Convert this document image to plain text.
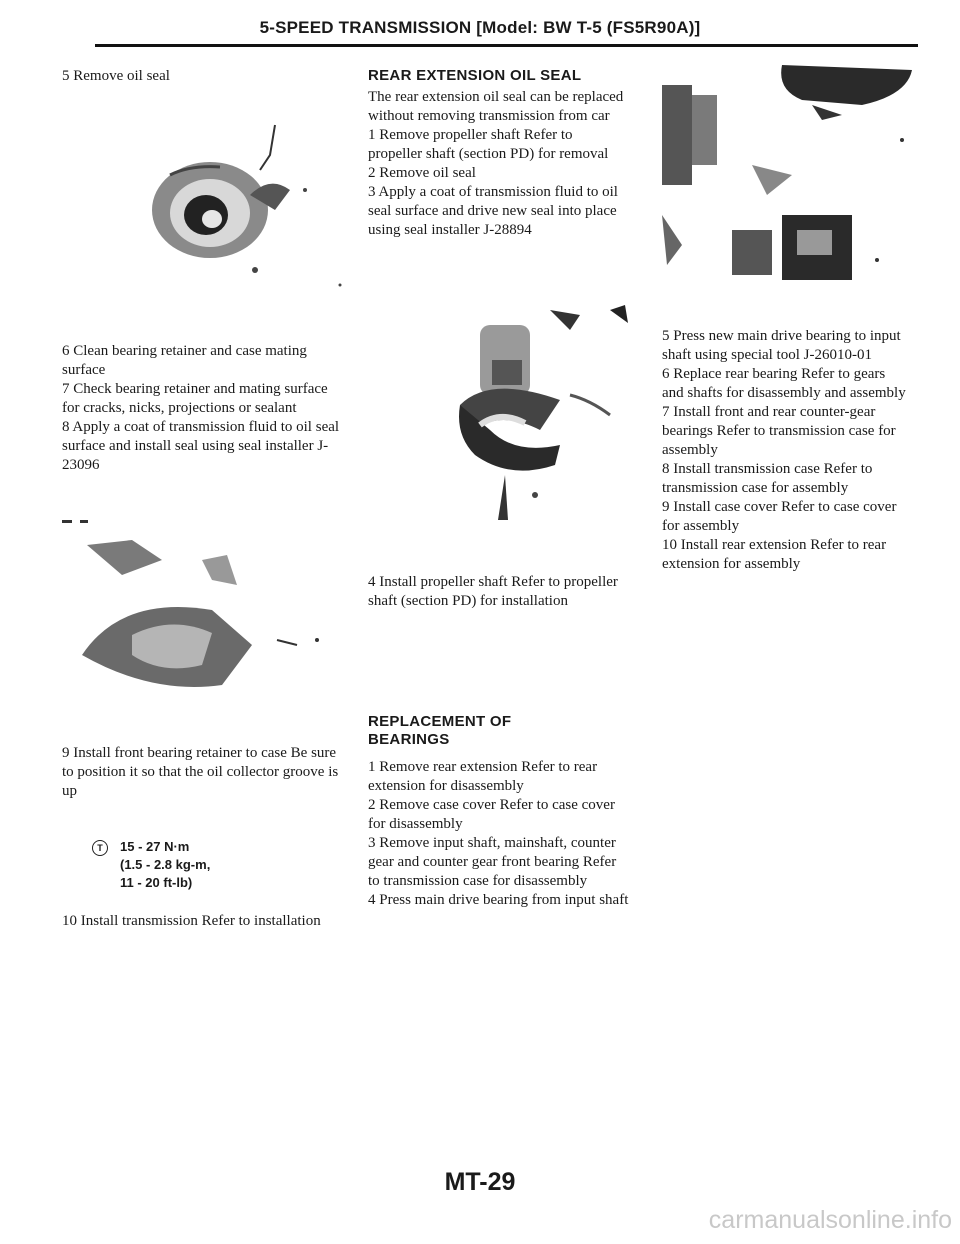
5-SPEED TRANSMISSION [Model: BW T-5 (FS5R90A)]
5 Remove oil seal

6 Clean bearing retainer and case mating surface

7 Check bearing retainer and mating surface for cracks, nicks, projections or sealant

8 Apply a coat of transmission fluid to oil seal surface and install seal using seal installer J-23096

9 Install front bearing retainer to case Be sure to position it so that the oil collector groove is up
T 15 - 27 N·m
(1.5 - 2.8 kg-m,
11 - 20 ft-lb)
10 Install transmission Refer to installation
REAR EXTENSION OIL SEAL

The rear extension oil seal can be replaced without removing transmission from car

1 Remove propeller shaft Refer to propeller shaft (section PD) for removal

2 Remove oil seal

3 Apply a coat of transmission fluid to oil seal surface and drive new seal into place using seal installer J-28894

4 Install propeller shaft Refer to propeller shaft (section PD) for installation
REPLACEMENT OF
BEARINGS

1 Remove rear extension Refer to rear extension for disassembly

2 Remove case cover Refer to case cover for disassembly

3 Remove input shaft, mainshaft, counter gear and counter gear front bearing Refer to transmission case for disassembly

4 Press main drive bearing from input shaft

5 Press new main drive bearing to input shaft using special tool J-26010-01

6 Replace rear bearing Refer to gears and shafts for disassembly and assembly

7 Install front and rear counter-gear bearings Refer to transmission case for assembly

8 Install transmission case Refer to transmission case for assembly

9 Install case cover Refer to case cover for assembly

10 Install rear extension Refer to rear extension for assembly

MT-29
carmanualsonline.info
